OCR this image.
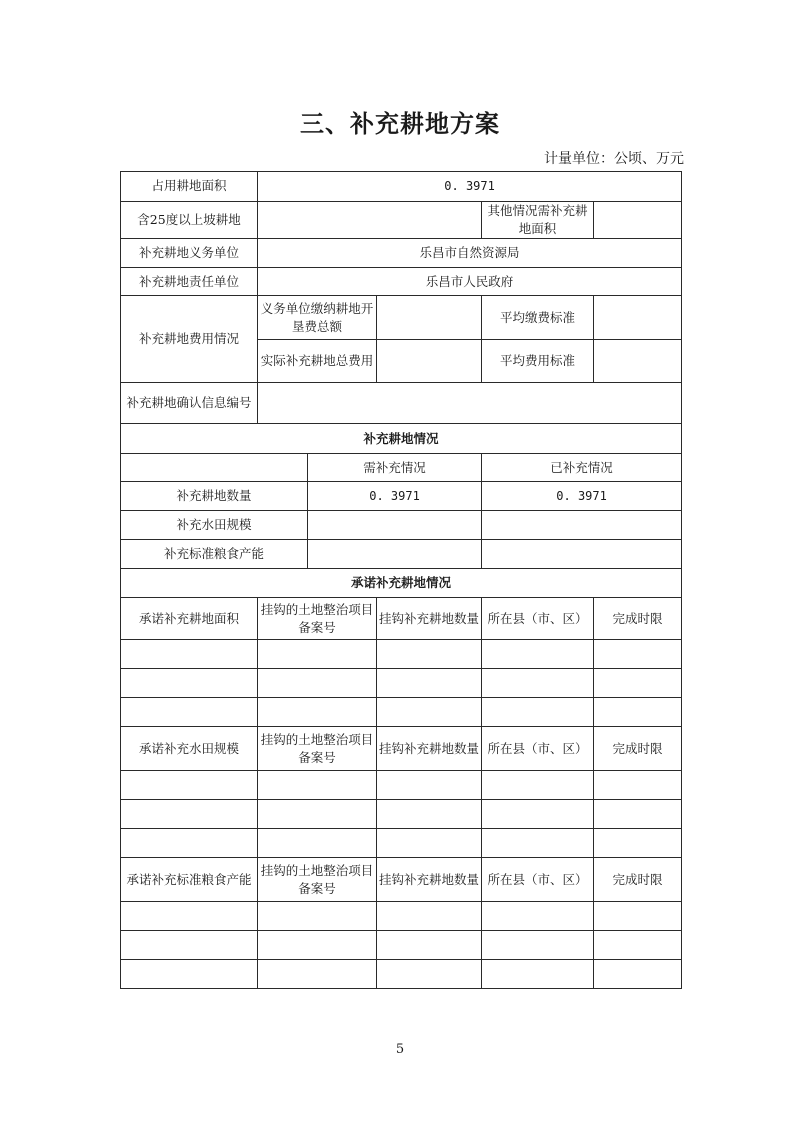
三、补充耕地方案
计量单位：公顷、万元
占用耕地面积	0. 3971				
含25度以上坡耕地				其他情况需补充耕地面积	
补充耕地义务单位	乐昌市自然资源局				
补充耕地责任单位	乐昌市人民政府				
补充耕地费用情况	义务单位缴纳耕地开垦费总额			平均缴费标准	
	实际补充耕地总费用			平均费用标准	
补充耕地确认信息编号					
补充耕地情况					
		需补充情况		已补充情况	
补充耕地数量		0. 3971		0. 3971	
补充水田规模					
补充标准粮食产能					
承诺补充耕地情况					
承诺补充耕地面积	挂钩的土地整治项目备案号		挂钩补充耕地数量	所在县（市、区）	完成时限

承诺补充水田规模	挂钩的土地整治项目备案号		挂钩补充耕地数量	所在县（市、区）	完成时限

承诺补充标准粮食产能	挂钩的土地整治项目备案号		挂钩补充耕地数量	所在县（市、区）	完成时限

5
